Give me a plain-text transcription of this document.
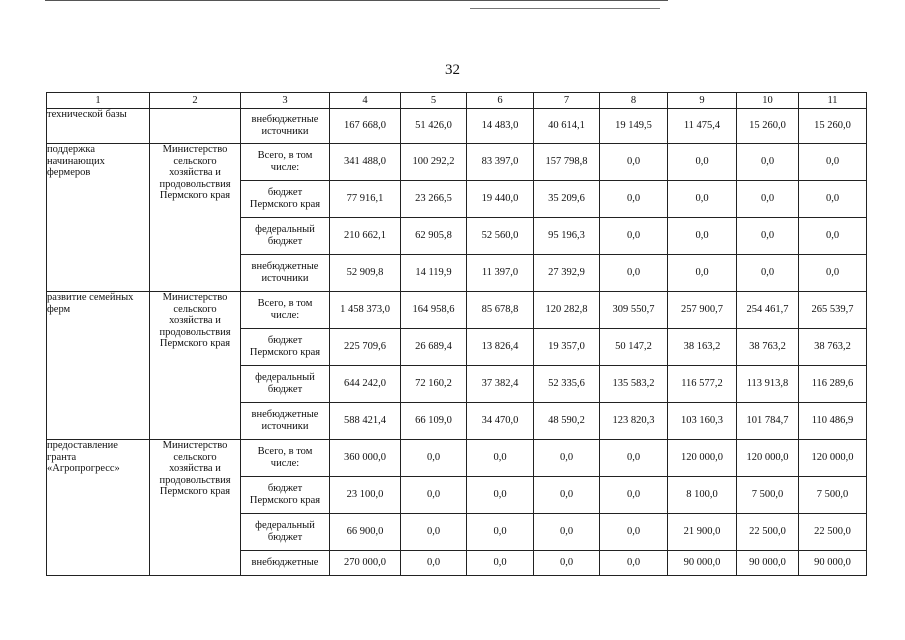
32
1	2	3	4	5	6	7	8	9	10	11
технической базы		внебюджетные источники	167 668,0	51 426,0	14 483,0	40 614,1	19 149,5	11 475,4	15 260,0	15 260,0
поддержка начинающих фермеров	Министерство сельского хозяйства и продовольствия Пермского края	Всего, в том числе:	341 488,0	100 292,2	83 397,0	157 798,8	0,0	0,0	0,0	0,0
		бюджет Пермского края	77 916,1	23 266,5	19 440,0	35 209,6	0,0	0,0	0,0	0,0
		федеральный бюджет	210 662,1	62 905,8	52 560,0	95 196,3	0,0	0,0	0,0	0,0
		внебюджетные источники	52 909,8	14 119,9	11 397,0	27 392,9	0,0	0,0	0,0	0,0
развитие семейных ферм	Министерство сельского хозяйства и продовольствия Пермского края	Всего, в том числе:	1 458 373,0	164 958,6	85 678,8	120 282,8	309 550,7	257 900,7	254 461,7	265 539,7
		бюджет Пермского края	225 709,6	26 689,4	13 826,4	19 357,0	50 147,2	38 163,2	38 763,2	38 763,2
		федеральный бюджет	644 242,0	72 160,2	37 382,4	52 335,6	135 583,2	116 577,2	113 913,8	116 289,6
		внебюджетные источники	588 421,4	66 109,0	34 470,0	48 590,2	123 820,3	103 160,3	101 784,7	110 486,9
предоставление гранта «Агропрогресс»	Министерство сельского хозяйства и продовольствия Пермского края	Всего, в том числе:	360 000,0	0,0	0,0	0,0	0,0	120 000,0	120 000,0	120 000,0
		бюджет Пермского края	23 100,0	0,0	0,0	0,0	0,0	8 100,0	7 500,0	7 500,0
		федеральный бюджет	66 900,0	0,0	0,0	0,0	0,0	21 900,0	22 500,0	22 500,0
		внебюджетные	270 000,0	0,0	0,0	0,0	0,0	90 000,0	90 000,0	90 000,0
